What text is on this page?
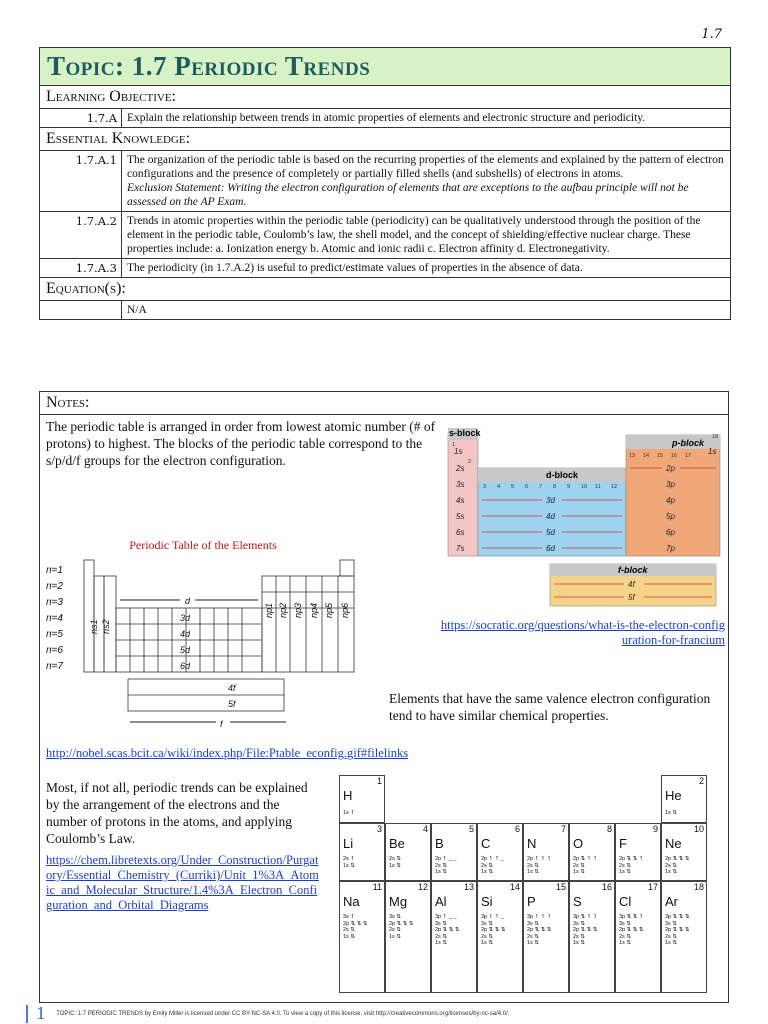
1.7
Topic: 1.7 Periodic Trends
Learning Objective:
1.7.A Explain the relationship between trends in atomic properties of elements and electronic structure and periodicity.
Essential Knowledge:
1.7.A.1 The organization of the periodic table is based on the recurring properties of the elements and explained by the pattern of electron configurations and the presence of completely or partially filled shells (and subshells) of electrons in atoms.
Exclusion Statement: Writing the electron configuration of elements that are exceptions to the aufbau principle will not be assessed on the AP Exam.
1.7.A.2 Trends in atomic properties within the periodic table (periodicity) can be qualitatively understood through the position of the element in the periodic table, Coulomb’s law, the shell model, and the concept of shielding/effective nuclear charge. These properties include: a. Ionization energy b. Atomic and ionic radii c. Electron affinity d. Electronegativity.
1.7.A.3 The periodicity (in 1.7.A.2) is useful to predict/estimate values of properties in the absence of data.
Equation(s):

N/A
Notes:
The periodic table is arranged in order from lowest atomic number (# of protons) to highest. The blocks of the periodic table correspond to the s/p/d/f groups for the electron configuration.
Periodic Table of the Elements
n=1
n=2
n=3
n=4
n=5
n=6
n=7
ns1 ns2
d
3d
4d
5d
6d
np1 np2 np3 np4 np5 np6
4f
5f
f
s-block
d-block
p-block
f-block
1
2
3 4 5 6 7 8 9 10 11 12
13 14 15 16 17
18
1s
2s
3s
4s
5s
6s
7s
1s
2p
3p
4p
5p
6p
7p
3d
4d
5d
6d
4f
5f
https://socratic.org/questions/what-is-the-electron-configuration-for-francium
Elements that have the same valence electron configuration tend to have similar chemical properties.
http://nobel.scas.bcit.ca/wiki/index.php/File:Ptable_econfig.gif#filelinks
Most, if not all, periodic trends can be explained by the arrangement of the electrons and the number of protons in the atoms, and applying Coulomb’s Law.
https://chem.libretexts.org/Under_Construction/Purgatory/Essential_Chemistry_(Curriki)/Unit_1%3A_Atomic_and_Molecular_Structure/1.4%3A_Electron_Configuration_and_Orbital_Diagrams
1
H
1s ↿
2
He
1s ⇅
3
Li
2s ↿
1s ⇅
4
Be
2s ⇅
1s ⇅
5
B
2p ↿ _ _
2s ⇅
1s ⇅
6
C
2p ↿ ↿ _
2s ⇅
1s ⇅
7
N
2p ↿ ↿ ↿
2s ⇅
1s ⇅
8
O
2p ⇅ ↿ ↿
2s ⇅
1s ⇅
9
F
2p ⇅ ⇅ ↿
2s ⇅
1s ⇅
10
Ne
2p ⇅ ⇅ ⇅
2s ⇅
1s ⇅
11
Na
3s ↿
2p ⇅ ⇅ ⇅
2s ⇅
1s ⇅
12
Mg
3s ⇅
2p ⇅ ⇅ ⇅
2s ⇅
1s ⇅
13
Al
3p ↿ _ _
3s ⇅
2p ⇅ ⇅ ⇅
2s ⇅
1s ⇅
14
Si
3p ↿ ↿ _
3s ⇅
2p ⇅ ⇅ ⇅
2s ⇅
1s ⇅
15
P
3p ↿ ↿ ↿
3s ⇅
2p ⇅ ⇅ ⇅
2s ⇅
1s ⇅
16
S
3p ⇅ ↿ ↿
3s ⇅
2p ⇅ ⇅ ⇅
2s ⇅
1s ⇅
17
Cl
3p ⇅ ⇅ ↿
3s ⇅
2p ⇅ ⇅ ⇅
2s ⇅
1s ⇅
18
Ar
3p ⇅ ⇅ ⇅
3s ⇅
2p ⇅ ⇅ ⇅
2s ⇅
1s ⇅
1 TOPIC: 1.7 PERIODIC TRENDS by Emily Miller is licensed under CC BY-NC-SA 4.0. To view a copy of this license, visit http://creativecommons.org/licenses/by-nc-sa/4.0/.
